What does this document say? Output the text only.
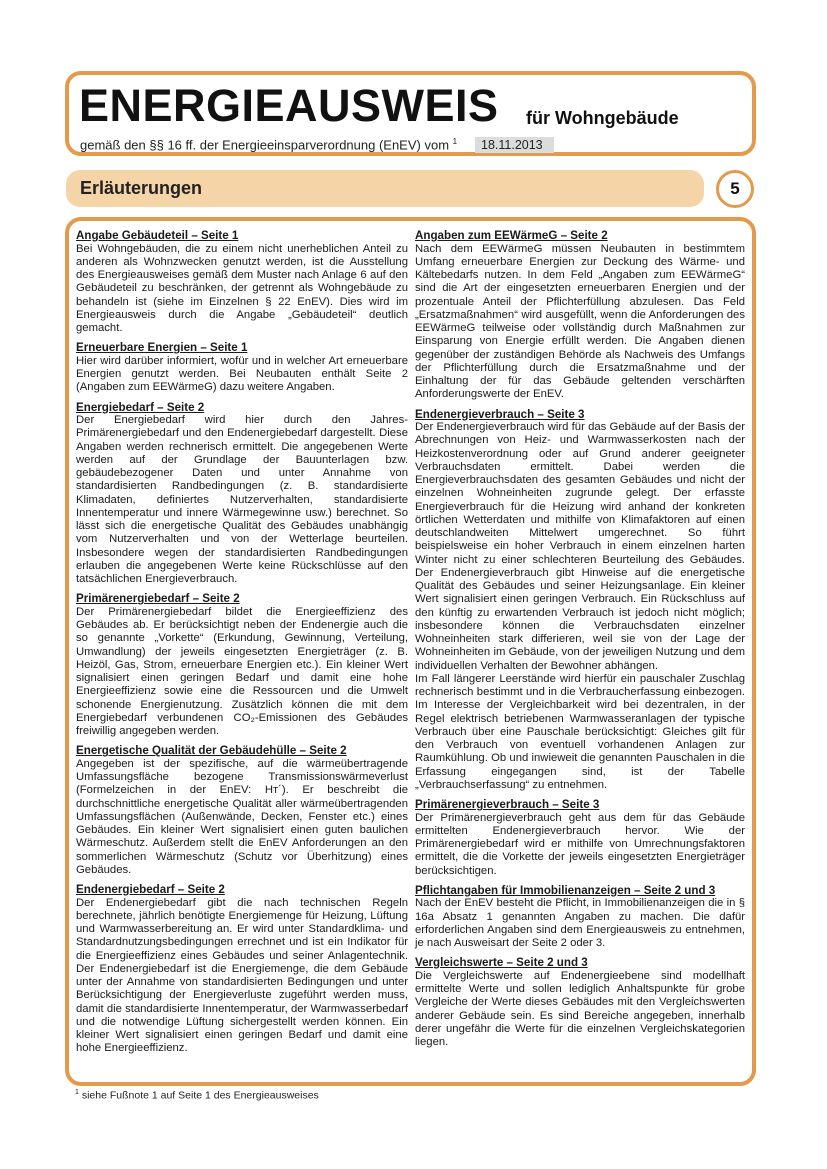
ENERGIEAUSWEIS für Wohngebäude
gemäß den §§ 16 ff. der Energieeinsparverordnung (EnEV) vom $^1$	18.11.2013
Erläuterungen	5
Angabe Gebäudeteil – Seite 1

Bei Wohngebäuden, die zu einem nicht unerheblichen Anteil zu anderen als Wohnzwecken genutzt werden, ist die Ausstellung des Energieausweises gemäß dem Muster nach Anlage 6 auf den Gebäudeteil zu beschränken, der getrennt als Wohngebäude zu behandeln ist (siehe im Einzelnen § 22 EnEV). Dies wird im Energieausweis durch die Angabe „Gebäudeteil“ deutlich gemacht.

Erneuerbare Energien – Seite 1

Hier wird darüber informiert, wofür und in welcher Art erneuerbare Energien genutzt werden. Bei Neubauten enthält Seite 2 (Angaben zum EEWärmeG) dazu weitere Angaben.

Energiebedarf – Seite 2

Der Energiebedarf wird hier durch den Jahres-Primärenergiebedarf und den Endenergiebedarf dargestellt. Diese Angaben werden rechnerisch ermittelt. Die angegebenen Werte werden auf der Grundlage der Bauunterlagen bzw. gebäudebezogener Daten und unter Annahme von standardisierten Randbedingungen (z. B. standardisierte Klimadaten, definiertes Nutzerverhalten, standardisierte Innentemperatur und innere Wärmegewinne usw.) berechnet. So lässt sich die energetische Qualität des Gebäudes unabhängig vom Nutzerverhalten und von der Wetterlage beurteilen. Insbesondere wegen der standardisierten Randbedingungen erlauben die angegebenen Werte keine Rückschlüsse auf den tatsächlichen Energieverbrauch.

Primärenergiebedarf – Seite 2

Der Primärenergiebedarf bildet die Energieeffizienz des Gebäudes ab. Er berücksichtigt neben der Endenergie auch die so genannte „Vorkette“ (Erkundung, Gewinnung, Verteilung, Umwandlung) der jeweils eingesetzten Energieträger (z. B. Heizöl, Gas, Strom, erneuerbare Energien etc.). Ein kleiner Wert signalisiert einen geringen Bedarf und damit eine hohe Energieeffizienz sowie eine die Ressourcen und die Umwelt schonende Energienutzung. Zusätzlich können die mit dem Energiebedarf verbundenen CO₂-Emissionen des Gebäudes freiwillig angegeben werden.

Energetische Qualität der Gebäudehülle – Seite 2

Angegeben ist der spezifische, auf die wärmeübertragende Umfassungsfläche bezogene Transmissionswärmeverlust (Formelzeichen in der EnEV: Hᴛ´). Er beschreibt die durchschnittliche energetische Qualität aller wärmeübertragenden Umfassungsflächen (Außenwände, Decken, Fenster etc.) eines Gebäudes. Ein kleiner Wert signalisiert einen guten baulichen Wärmeschutz. Außerdem stellt die EnEV Anforderungen an den sommerlichen Wärmeschutz (Schutz vor Überhitzung) eines Gebäudes.

Endenergiebedarf – Seite 2

Der Endenergiebedarf gibt die nach technischen Regeln berechnete, jährlich benötigte Energiemenge für Heizung, Lüftung und Warmwasserbereitung an. Er wird unter Standardklima- und Standardnutzungsbedingungen errechnet und ist ein Indikator für die Energieeffizienz eines Gebäudes und seiner Anlagentechnik. Der Endenergiebedarf ist die Energiemenge, die dem Gebäude unter der Annahme von standardisierten Bedingungen und unter Berücksichtigung der Energieverluste zugeführt werden muss, damit die standardisierte Innentemperatur, der Warmwasserbedarf und die notwendige Lüftung sichergestellt werden können. Ein kleiner Wert signalisiert einen geringen Bedarf und damit eine hohe Energieeffizienz.

Angaben zum EEWärmeG – Seite 2

Nach dem EEWärmeG müssen Neubauten in bestimmtem Umfang erneuerbare Energien zur Deckung des Wärme- und Kältebedarfs nutzen. In dem Feld „Angaben zum EEWärmeG“ sind die Art der eingesetzten erneuerbaren Energien und der prozentuale Anteil der Pflichterfüllung abzulesen. Das Feld „Ersatzmaßnahmen“ wird ausgefüllt, wenn die Anforderungen des EEWärmeG teilweise oder vollständig durch Maßnahmen zur Einsparung von Energie erfüllt werden. Die Angaben dienen gegenüber der zuständigen Behörde als Nachweis des Umfangs der Pflichterfüllung durch die Ersatzmaßnahme und der Einhaltung der für das Gebäude geltenden verschärften Anforderungswerte der EnEV.

Endenergieverbrauch – Seite 3

Der Endenergieverbrauch wird für das Gebäude auf der Basis der Abrechnungen von Heiz- und Warmwasserkosten nach der Heizkostenverordnung oder auf Grund anderer geeigneter Verbrauchsdaten ermittelt. Dabei werden die Energieverbrauchsdaten des gesamten Gebäudes und nicht der einzelnen Wohneinheiten zugrunde gelegt. Der erfasste Energieverbrauch für die Heizung wird anhand der konkreten örtlichen Wetterdaten und mithilfe von Klimafaktoren auf einen deutschlandweiten Mittelwert umgerechnet. So führt beispielsweise ein hoher Verbrauch in einem einzelnen harten Winter nicht zu einer schlechteren Beurteilung des Gebäudes. Der Endenergieverbrauch gibt Hinweise auf die energetische Qualität des Gebäudes und seiner Heizungsanlage. Ein kleiner Wert signalisiert einen geringen Verbrauch. Ein Rückschluss auf den künftig zu erwartenden Verbrauch ist jedoch nicht möglich; insbesondere können die Verbrauchsdaten einzelner Wohneinheiten stark differieren, weil sie von der Lage der Wohneinheiten im Gebäude, von der jeweiligen Nutzung und dem individuellen Verhalten der Bewohner abhängen.

Im Fall längerer Leerstände wird hierfür ein pauschaler Zuschlag rechnerisch bestimmt und in die Verbraucherfassung einbezogen. Im Interesse der Vergleichbarkeit wird bei dezentralen, in der Regel elektrisch betriebenen Warmwasseranlagen der typische Verbrauch über eine Pauschale berücksichtigt: Gleiches gilt für den Verbrauch von eventuell vorhandenen Anlagen zur Raumkühlung. Ob und inwieweit die genannten Pauschalen in die Erfassung eingegangen sind, ist der Tabelle „Verbrauchserfassung“ zu entnehmen.

Primärenergieverbrauch – Seite 3

Der Primärenergieverbrauch geht aus dem für das Gebäude ermittelten Endenergieverbrauch hervor. Wie der Primärenergiebedarf wird er mithilfe von Umrechnungsfaktoren ermittelt, die die Vorkette der jeweils eingesetzten Energieträger berücksichtigen.

Pflichtangaben für Immobilienanzeigen – Seite 2 und 3

Nach der EnEV besteht die Pflicht, in Immobilienanzeigen die in § 16a Absatz 1 genannten Angaben zu machen. Die dafür erforderlichen Angaben sind dem Energieausweis zu entnehmen, je nach Ausweisart der Seite 2 oder 3.

Vergleichswerte – Seite 2 und 3

Die Vergleichswerte auf Endenergieebene sind modellhaft ermittelte Werte und sollen lediglich Anhaltspunkte für grobe Vergleiche der Werte dieses Gebäudes mit den Vergleichswerten anderer Gebäude sein. Es sind Bereiche angegeben, innerhalb derer ungefähr die Werte für die einzelnen Vergleichskategorien liegen.

$^1$ siehe Fußnote 1 auf Seite 1 des Energieausweises
